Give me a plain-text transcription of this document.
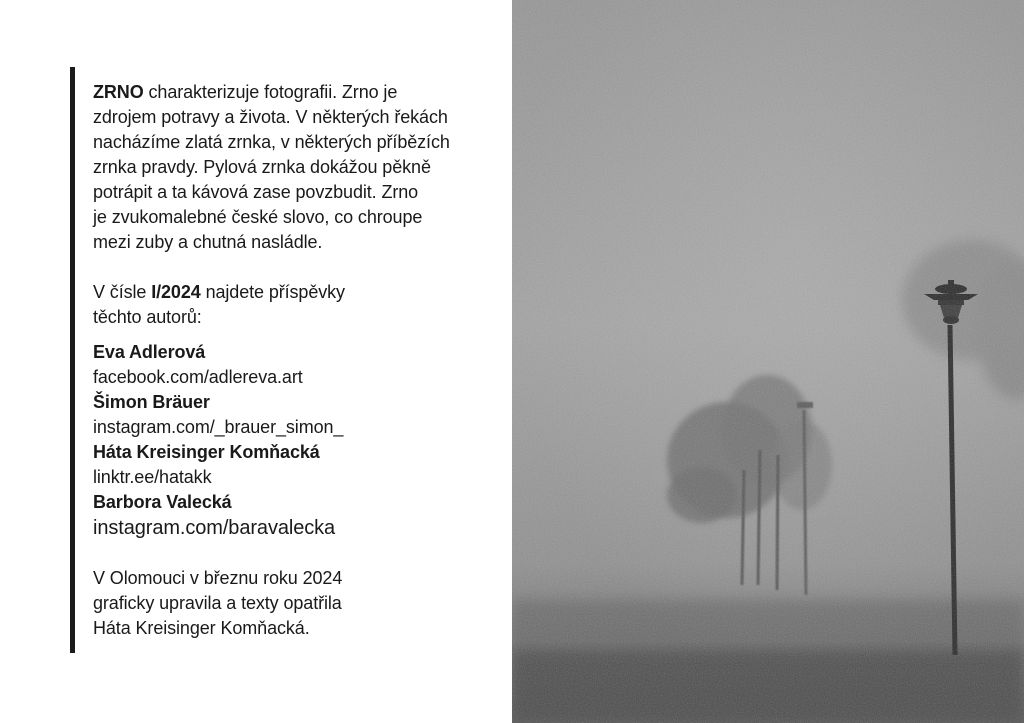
ZRNO charakterizuje fotografii. Zrno je
zdrojem potravy a života. V některých řekách
nacházíme zlatá zrnka, v některých příbězích
zrnka pravdy. Pylová zrnka dokážou pěkně
potrápit a ta kávová zase povzbudit. Zrno
je zvukomalebné české slovo, co chroupe
mezi zuby a chutná nasládle.

V čísle I/2024 najdete příspěvky
těchto autorů:

Eva Adlerová
facebook.com/adlereva.art
Šimon Bräuer
instagram.com/_brauer_simon_
Háta Kreisinger Komňacká
linktr.ee/hatakk
Barbora Valecká
instagram.com/baravalecka

V Olomouci v březnu roku 2024
graficky upravila a texty opatřila
Háta Kreisinger Komňacká.
